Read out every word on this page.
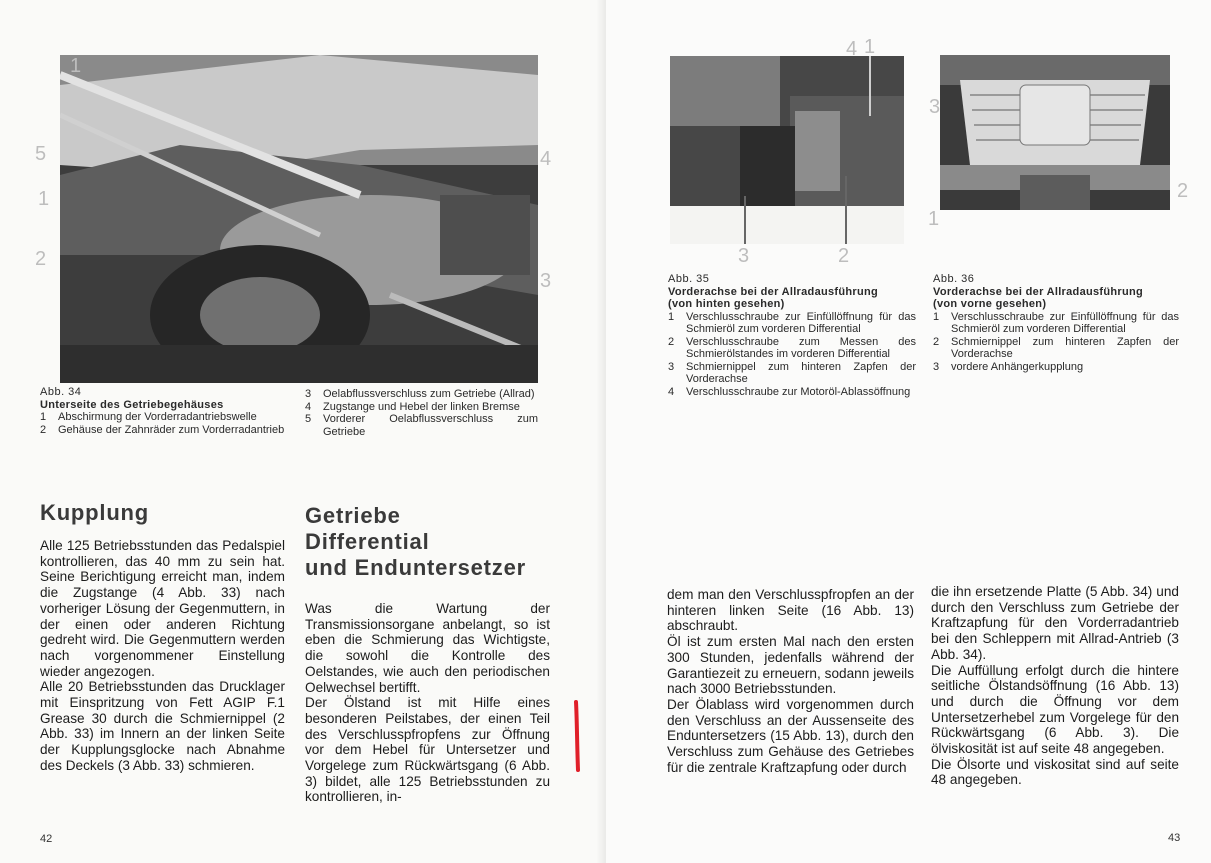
1
5
1
2
4
3
Abb. 34
Unterseite des Getriebegehäuses
1	Abschirmung der Vorderradantriebswelle
2	Gehäuse der Zahnräder zum Vorderradantrieb
3	Oelabflussverschluss zum Getriebe (Allrad)
4	Zugstange und Hebel der linken Bremse
5	Vorderer Oelabflussverschluss zum Getriebe
Kupplung

Alle 125 Betriebsstunden das Pedalspiel kontrollieren, das 40 mm zu sein hat. Seine Berichtigung erreicht man, indem die Zugstange (4 Abb. 33) nach vorheriger Lösung der Gegenmuttern, in der einen oder anderen Richtung gedreht wird. Die Gegenmuttern werden nach vorgenommener Einstellung wieder angezogen.

Alle 20 Betriebsstunden das Drucklager mit Einspritzung von Fett AGIP F.1 Grease 30 durch die Schmiernippel (2 Abb. 33) im Innern an der linken Seite der Kupplungsglocke nach Abnahme des Deckels (3 Abb. 33) schmieren.

Getriebe
Differential
und Enduntersetzer

Was die Wartung der Transmissionsorgane anbelangt, so ist eben die Schmierung das Wichtigste, die sowohl die Kontrolle des Oelstandes, wie auch den periodischen Oelwechsel bertifft.

Der Ölstand ist mit Hilfe eines besonderen Peilstabes, der einen Teil des Verschlusspfropfens zur Öffnung vor dem Hebel für Untersetzer und Vorgelege zum Rückwärtsgang (6 Abb. 3) bildet, alle 125 Betriebsstunden zu kontrollieren, in-

42
4 1
3	2
3
2
1
Abb. 35
Vorderachse bei der Allradausführung
(von hinten gesehen)
1	Verschlusschraube zur Einfüllöffnung für das Schmieröl zum vorderen Differential
2	Verschlusschraube zum Messen des Schmierölstandes im vorderen Differential
3	Schmiernippel zum hinteren Zapfen der Vorderachse
4	Verschlusschraube zur Motoröl-Ablassöffnung
Abb. 36
Vorderachse bei der Allradausführung
(von vorne gesehen)
1	Verschlusschraube zur Einfüllöffnung für das Schmieröl zum vorderen Differential
2	Schmiernippel zum hinteren Zapfen der Vorderachse
3	vordere Anhängerkupplung

dem man den Verschlusspfropfen an der hinteren linken Seite (16 Abb. 13) abschraubt.

Öl ist zum ersten Mal nach den ersten 300 Stunden, jedenfalls während der Garantiezeit zu erneuern, sodann jeweils nach 3000 Betriebsstunden.

Der Ölablass wird vorgenommen durch den Verschluss an der Aussenseite des Enduntersetzers (15 Abb. 13), durch den Verschluss zum Gehäuse des Getriebes für die zentrale Kraftzapfung oder durch

die ihn ersetzende Platte (5 Abb. 34) und durch den Verschluss zum Getriebe der Kraftzapfung für den Vorderradantrieb bei den Schleppern mit Allrad-Antrieb (3 Abb. 34).

Die Auffüllung erfolgt durch die hintere seitliche Ölstandsöffnung (16 Abb. 13) und durch die Öffnung vor dem Untersetzerhebel zum Vorgelege für den Rückwärtsgang (6 Abb. 3). Die ölviskosität ist auf seite 48 angegeben.

Die Ölsorte und viskositat sind auf seite 48 angegeben.

43
